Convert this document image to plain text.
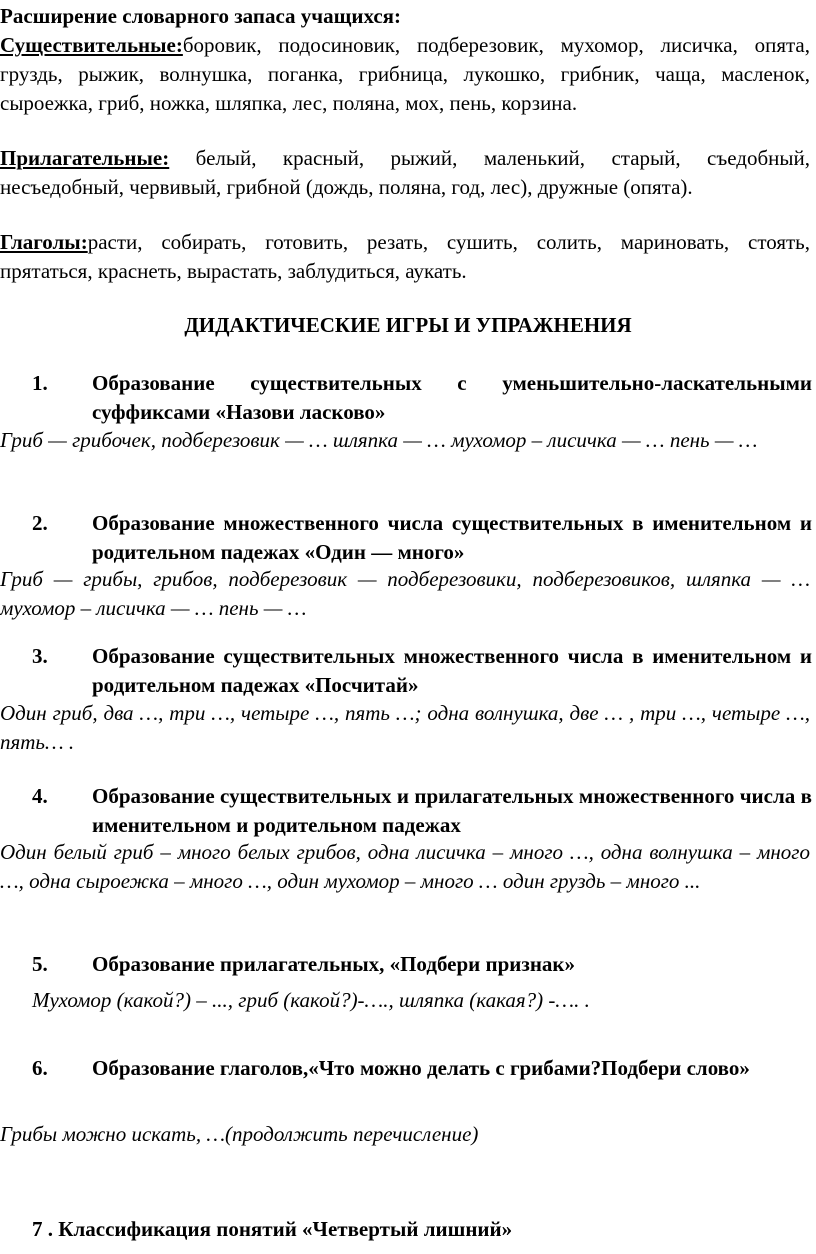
Расширение словарного запаса учащихся:
Существительные:боровик, подосиновик, подберезовик, мухомор, лисичка, опята, груздь, рыжик, волнушка, поганка, грибница, лукошко, грибник, чаща, масленок, сыроежка, гриб, ножка, шляпка, лес, поляна, мох, пень, корзина.
Прилагательные: белый, красный, рыжий, маленький, старый, съедобный, несъедобный, червивый, грибной (дождь, поляна, год, лес), дружные (опята).
Глаголы:расти, собирать, готовить, резать, сушить, солить, мариновать, стоять, прятаться, краснеть, вырастать, заблудиться, аукать.
ДИДАКТИЧЕСКИЕ ИГРЫ И УПРАЖНЕНИЯ
1. Образование существительных с уменьшительно-ласкательными суффиксами «Назови ласково»
Гриб — грибочек, подберезовик — … шляпка — … мухомор – лисичка — … пень — …
2. Образование множественного числа существительных в именительном и родительном падежах «Один — много»
Гриб — грибы, грибов, подберезовик — подберезовики, подберезовиков, шляпка — … мухомор – лисичка — … пень — …
3. Образование существительных множественного числа в именительном и родительном падежах «Посчитай»
Один гриб, два …, три …, четыре …, пять …; одна волнушка, две … , три …, четыре …, пять… .
4. Образование существительных и прилагательных множественного числа в именительном и родительном падежах
Один белый гриб – много белых грибов, одна лисичка – много …, одна волнушка – много …, одна сыроежка – много …, один мухомор – много … один груздь – много ...
5. Образование прилагательных, «Подбери признак»
Мухомор (какой?) – ..., гриб (какой?)-…., шляпка (какая?) -…. .
6. Образование глаголов,«Что можно делать с грибами?Подбери слово»
Грибы можно искать, …(продолжить перечисление)
7 . Классификация понятий «Четвертый лишний»
